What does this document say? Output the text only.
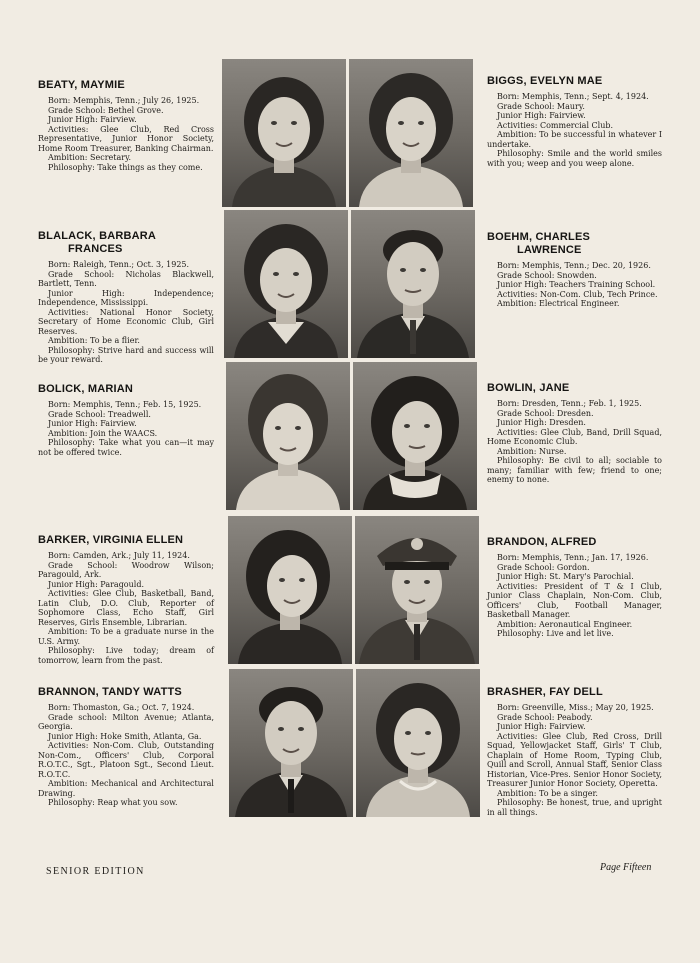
BEATY, MAYMIE

Born: Memphis, Tenn.; July 26, 1925.

Grade School: Bethel Grove.

Junior High: Fairview.

Activities: Glee Club, Red Cross Representative, Junior Honor Society, Home Room Treasurer, Banking Chairman.

Ambition: Secretary.

Philosophy: Take things as they come.

BIGGS, EVELYN MAE

Born: Memphis, Tenn.; Sept. 4, 1924.

Grade School: Maury.

Junior High: Fairview.

Activities: Commercial Club.

Ambition: To be successful in whatever I undertake.

Philosophy: Smile and the world smiles with you; weep and you weep alone.

BLALACK, BARBARA
FRANCES

Born: Raleigh, Tenn.; Oct. 3, 1925.

Grade School: Nicholas Blackwell, Bartlett, Tenn.

Junior High: Independence; Independence, Mississippi.

Activities: National Honor Society, Secretary of Home Economic Club, Girl Reserves.

Ambition: To be a flier.

Philosophy: Strive hard and success will be your reward.

BOEHM, CHARLES
LAWRENCE

Born: Memphis, Tenn.; Dec. 20, 1926.

Grade School: Snowden.

Junior High: Teachers Training School.

Activities: Non-Com. Club, Tech Prince.

Ambition: Electrical Engineer.

BOLICK, MARIAN

Born: Memphis, Tenn.; Feb. 15, 1925.

Grade School: Treadwell.

Junior High: Fairview.

Ambition: Join the WAACS.

Philosophy: Take what you can—it may not be offered twice.

BOWLIN, JANE

Born: Dresden, Tenn.; Feb. 1, 1925.

Grade School: Dresden.

Junior High: Dresden.

Activities: Glee Club, Band, Drill Squad, Home Economic Club.

Ambition: Nurse.

Philosophy: Be civil to all; sociable to many; familiar with few; friend to one; enemy to none.

BARKER, VIRGINIA ELLEN

Born: Camden, Ark.; July 11, 1924.

Grade School: Woodrow Wilson; Paragould, Ark.

Junior High: Paragould.

Activities: Glee Club, Basketball, Band, Latin Club, D.O. Club, Reporter of Sophomore Class, Echo Staff, Girl Reserves, Girls Ensemble, Librarian.

Ambition: To be a graduate nurse in the U.S. Army.

Philosophy: Live today; dream of tomorrow, learn from the past.

BRANDON, ALFRED

Born: Memphis, Tenn.; Jan. 17, 1926.

Grade School: Gordon.

Junior High: St. Mary's Parochial.

Activities: President of T & I Club, Junior Class Chaplain, Non-Com. Club, Officers' Club, Football Manager, Basketball Manager.

Ambition: Aeronautical Engineer.

Philosophy: Live and let live.

BRANNON, TANDY WATTS

Born: Thomaston, Ga.; Oct. 7, 1924.

Grade school: Milton Avenue; Atlanta, Georgia.

Junior High: Hoke Smith, Atlanta, Ga.

Activities: Non-Com. Club, Outstanding Non-Com., Officers' Club, Corporal R.O.T.C., Sgt., Platoon Sgt., Second Lieut. R.O.T.C.

Ambition: Mechanical and Architectural Drawing.

Philosophy: Reap what you sow.

BRASHER, FAY DELL

Born: Greenville, Miss.; May 20, 1925.

Grade School: Peabody.

Junior High: Fairview.

Activities: Glee Club, Red Cross, Drill Squad, Yellowjacket Staff, Girls' T Club, Chaplain of Home Room, Typing Club, Quill and Scroll, Annual Staff, Senior Class Historian, Vice-Pres. Senior Honor Society, Treasurer Junior Honor Society, Operetta.

Ambition: To be a singer.

Philosophy: Be honest, true, and upright in all things.

SENIOR EDITION	Page Fifteen
